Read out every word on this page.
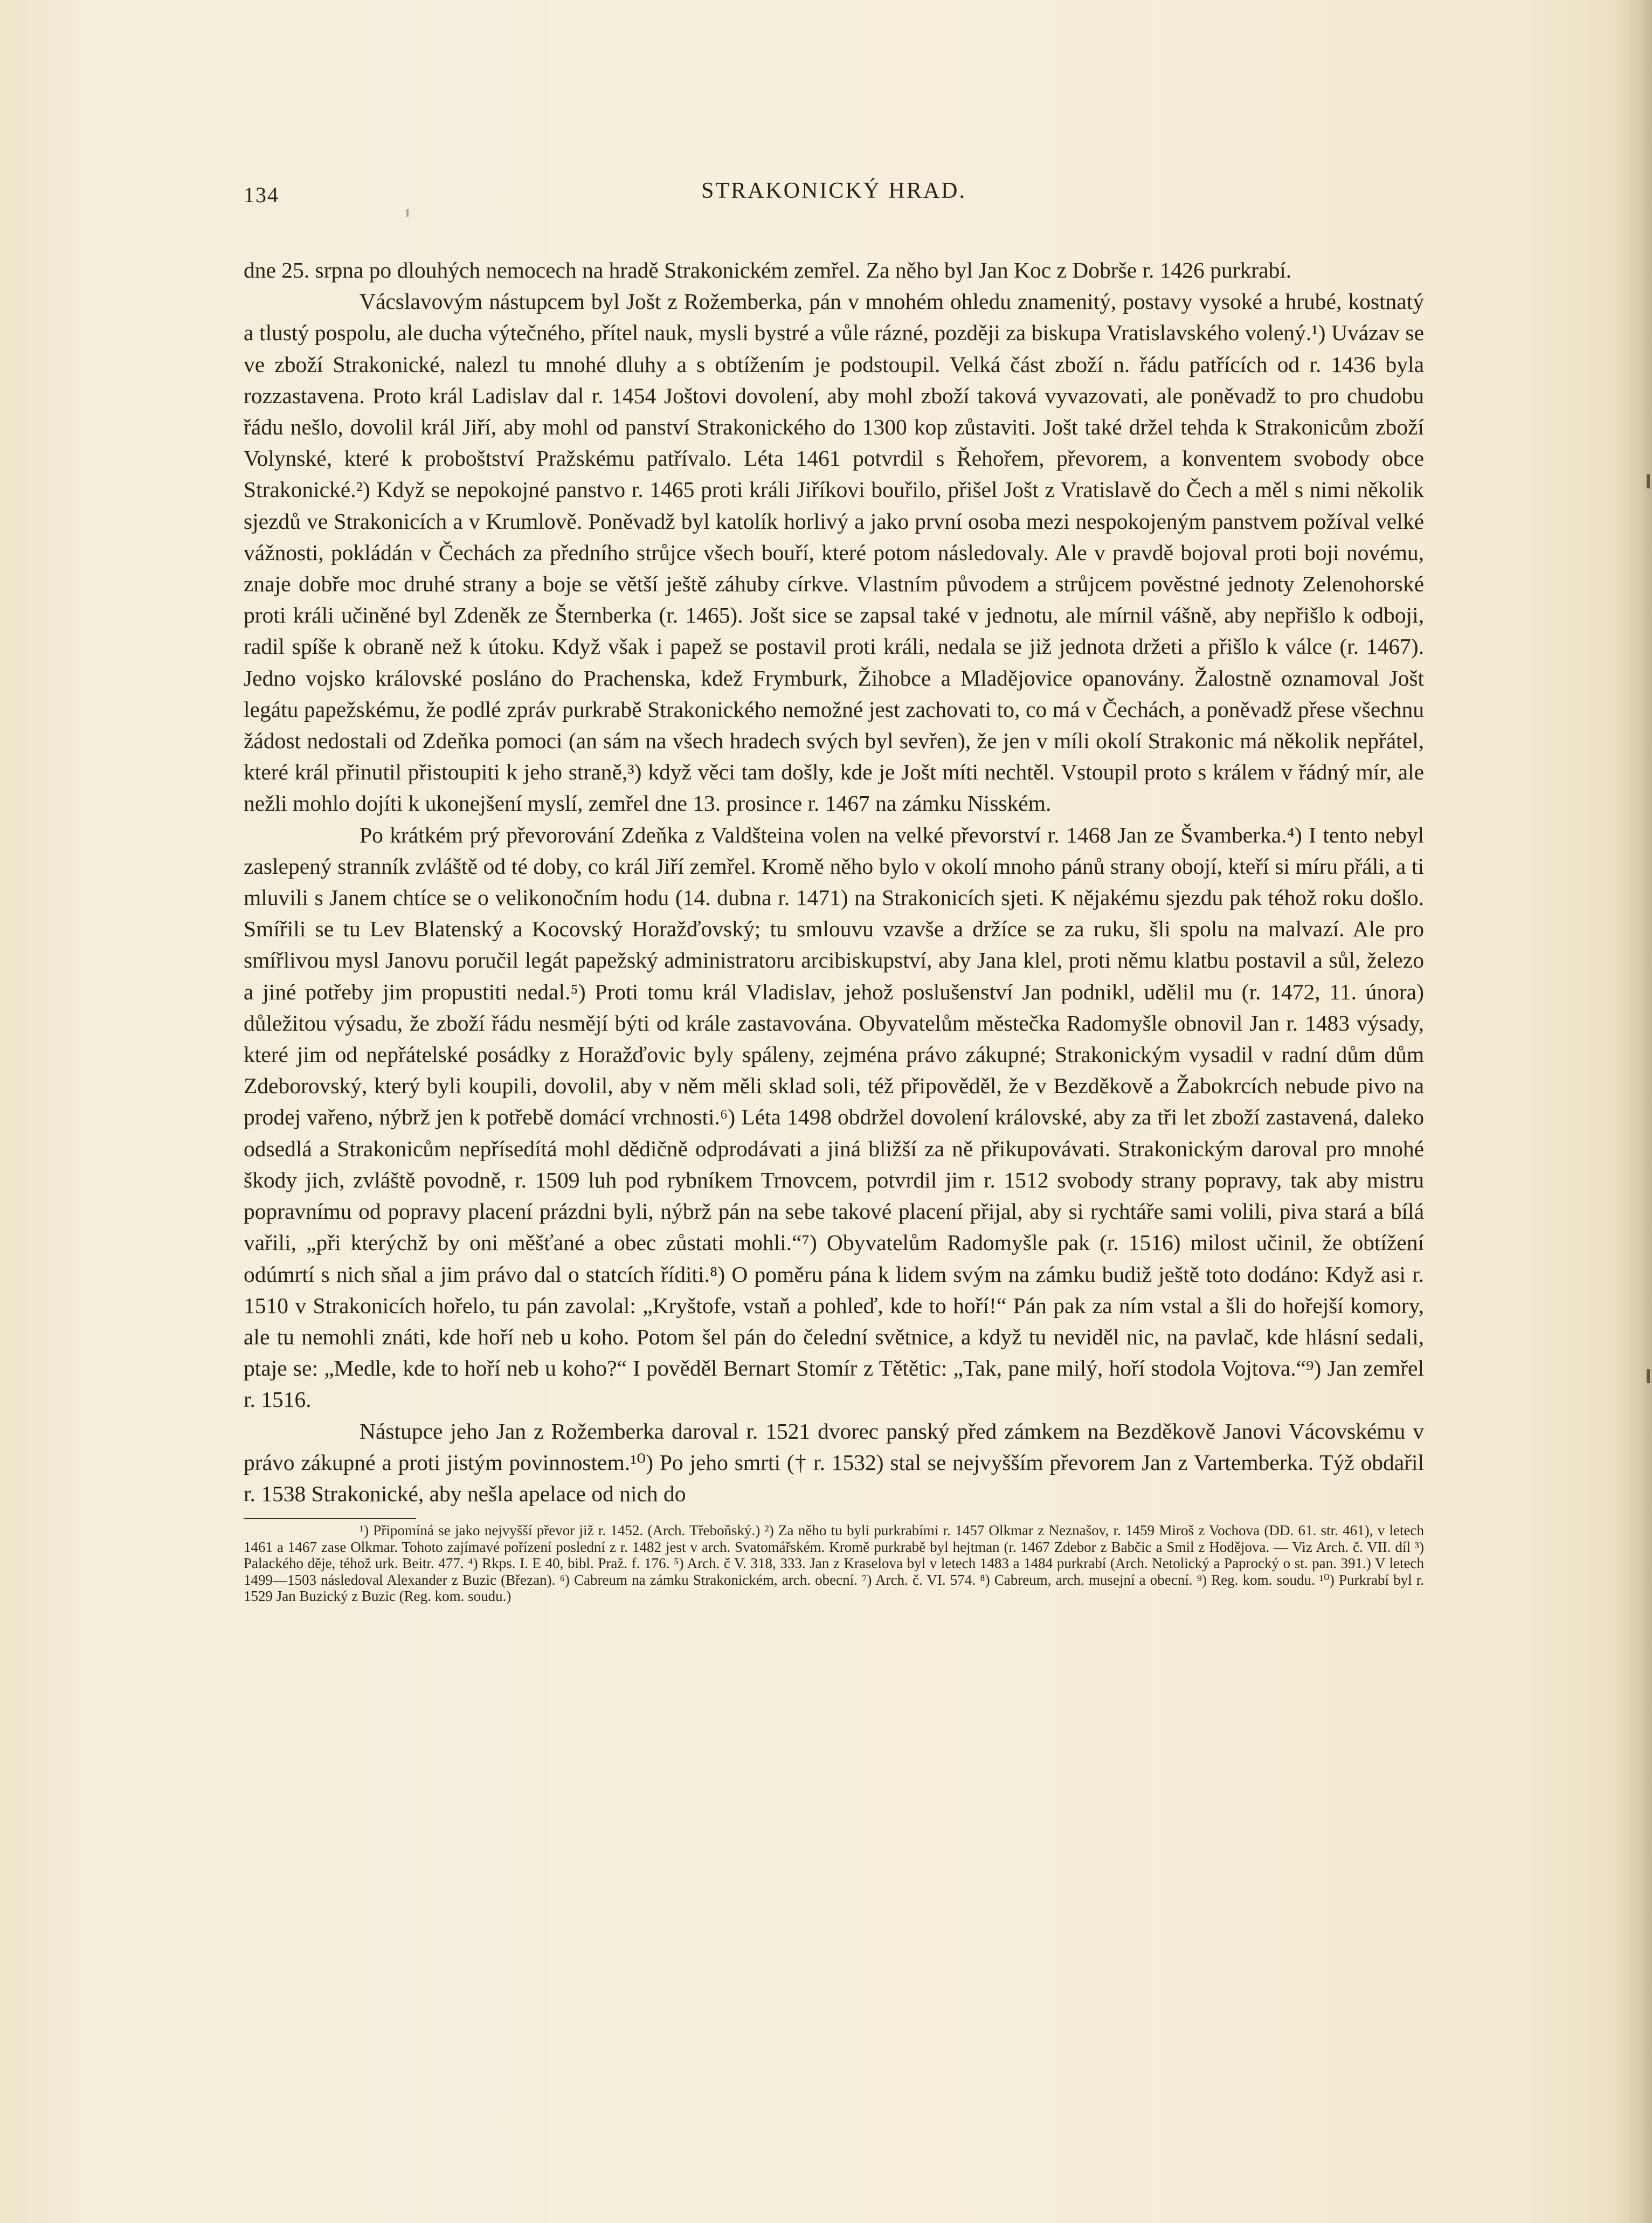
134	STRAKONICKÝ HRAD.

dne 25. srpna po dlouhých nemocech na hradě Strakonickém zemřel. Za něho byl Jan Koc z Dobrše r. 1426 purkrabí.

Vácslavovým nástupcem byl Jošt z Rožemberka, pán v mnohém ohledu znamenitý, postavy vysoké a hrubé, kostnatý a tlustý pospolu, ale ducha výtečného, přítel nauk, mysli bystré a vůle rázné, později za biskupa Vratislavského volený.¹) Uvázav se ve zboží Strakonické, nalezl tu mnohé dluhy a s obtížením je podstoupil. Velká část zboží n. řádu patřících od r. 1436 byla rozzastavena. Proto král Ladislav dal r. 1454 Joštovi dovolení, aby mohl zboží taková vyvazovati, ale poněvadž to pro chudobu řádu nešlo, dovolil král Jiří, aby mohl od panství Strakonického do 1300 kop zůstaviti. Jošt také držel tehda k Strakonicům zboží Volynské, které k proboštství Pražskému patřívalo. Léta 1461 potvrdil s Řehořem, převorem, a konventem svobody obce Strakonické.²) Když se nepokojné panstvo r. 1465 proti králi Jiříkovi bouřilo, přišel Jošt z Vratislavě do Čech a měl s nimi několik sjezdů ve Strakonicích a v Krumlově. Poněvadž byl katolík horlivý a jako první osoba mezi nespokojeným panstvem požíval velké vážnosti, pokládán v Čechách za předního strůjce všech bouří, které potom následovaly. Ale v pravdě bojoval proti boji novému, znaje dobře moc druhé strany a boje se větší ještě záhuby církve. Vlastním původem a strůjcem pověstné jednoty Zelenohorské proti králi učiněné byl Zdeněk ze Šternberka (r. 1465). Jošt sice se zapsal také v jednotu, ale mírnil vášně, aby nepřišlo k odboji, radil spíše k obraně než k útoku. Když však i papež se postavil proti králi, nedala se již jednota držeti a přišlo k válce (r. 1467). Jedno vojsko královské posláno do Prachenska, kdež Frymburk, Žihobce a Mladějovice opanovány. Žalostně oznamoval Jošt legátu papežskému, že podlé zpráv purkrabě Strakonického nemožné jest zachovati to, co má v Čechách, a poněvadž přese všechnu žádost nedostali od Zdeňka pomoci (an sám na všech hradech svých byl sevřen), že jen v míli okolí Strakonic má několik nepřátel, které král přinutil přistoupiti k jeho straně,³) když věci tam došly, kde je Jošt míti nechtěl. Vstoupil proto s králem v řádný mír, ale nežli mohlo dojíti k ukonejšení myslí, zemřel dne 13. prosince r. 1467 na zámku Nisském.

Po krátkém prý převorování Zdeňka z Valdšteina volen na velké převorství r. 1468 Jan ze Švamberka.⁴) I tento nebyl zaslepený stranník zvláště od té doby, co král Jiří zemřel. Kromě něho bylo v okolí mnoho pánů strany obojí, kteří si míru přáli, a ti mluvili s Janem chtíce se o velikonočním hodu (14. dubna r. 1471) na Strakonicích sjeti. K nějakému sjezdu pak téhož roku došlo. Smířili se tu Lev Blatenský a Kocovský Horažďovský; tu smlouvu vzavše a držíce se za ruku, šli spolu na malvazí. Ale pro smířlivou mysl Janovu poručil legát papežský administratoru arcibiskupství, aby Jana klel, proti němu klatbu postavil a sůl, železo a jiné potřeby jim propustiti nedal.⁵) Proti tomu král Vladislav, jehož poslušenství Jan podnikl, udělil mu (r. 1472, 11. února) důležitou výsadu, že zboží řádu nesmějí býti od krále zastavována. Obyvatelům městečka Radomyšle obnovil Jan r. 1483 výsady, které jim od nepřátelské posádky z Horažďovic byly spáleny, zejména právo zákupné; Strakonickým vysadil v radní dům dům Zdeborovský, který byli koupili, dovolil, aby v něm měli sklad soli, též připověděl, že v Bezděkově a Žabokrcích nebude pivo na prodej vařeno, nýbrž jen k potřebě domácí vrchnosti.⁶) Léta 1498 obdržel dovolení královské, aby za tři let zboží zastavená, daleko odsedlá a Strakonicům nepřísedítá mohl dědičně odprodávati a jiná bližší za ně přikupovávati. Strakonickým daroval pro mnohé škody jich, zvláště povodně, r. 1509 luh pod rybníkem Trnovcem, potvrdil jim r. 1512 svobody strany popravy, tak aby mistru popravnímu od popravy placení prázdni byli, nýbrž pán na sebe takové placení přijal, aby si rychtáře sami volili, piva stará a bílá vařili, „při kterýchž by oni měšťané a obec zůstati mohli.“⁷) Obyvatelům Radomyšle pak (r. 1516) milost učinil, že obtížení odúmrtí s nich sňal a jim právo dal o statcích říditi.⁸) O poměru pána k lidem svým na zámku budiž ještě toto dodáno: Když asi r. 1510 v Strakonicích hořelo, tu pán zavolal: „Kryštofe, vstaň a pohleď, kde to hoří!“ Pán pak za ním vstal a šli do hořejší komory, ale tu nemohli znáti, kde hoří neb u koho. Potom šel pán do čelední světnice, a když tu neviděl nic, na pavlač, kde hlásní sedali, ptaje se: „Medle, kde to hoří neb u koho?“ I pověděl Bernart Stomír z Tětětic: „Tak, pane milý, hoří stodola Vojtova.“⁹) Jan zemřel r. 1516.

Nástupce jeho Jan z Rožemberka daroval r. 1521 dvorec panský před zámkem na Bezděkově Janovi Vácovskému v právo zákupné a proti jistým povinnostem.¹⁰) Po jeho smrti († r. 1532) stal se nejvyšším převorem Jan z Vartemberka. Týž obdařil r. 1538 Strakonické, aby nešla apelace od nich do

¹) Připomíná se jako nejvyšší převor již r. 1452. (Arch. Třeboňský.) ²) Za něho tu byli purkrabími r. 1457 Olkmar z Neznašov, r. 1459 Miroš z Vochova (DD. 61. str. 461), v letech 1461 a 1467 zase Olkmar. Tohoto zajímavé pořízení poslední z r. 1482 jest v arch. Svatomářském. Kromě purkrabě byl hejtman (r. 1467 Zdebor z Babčic a Smil z Hodějova. — Viz Arch. č. VII. díl ³) Palackého děje, téhož urk. Beitr. 477. ⁴) Rkps. I. E 40, bibl. Praž. f. 176. ⁵) Arch. č V. 318, 333. Jan z Kraselova byl v letech 1483 a 1484 purkrabí (Arch. Netolický a Paprocký o st. pan. 391.) V letech 1499—1503 následoval Alexander z Buzic (Březan). ⁶) Cabreum na zámku Strakonickém, arch. obecní. ⁷) Arch. č. VI. 574. ⁸) Cabreum, arch. musejní a obecní. ⁹) Reg. kom. soudu. ¹⁰) Purkrabí byl r. 1529 Jan Buzický z Buzic (Reg. kom. soudu.)
